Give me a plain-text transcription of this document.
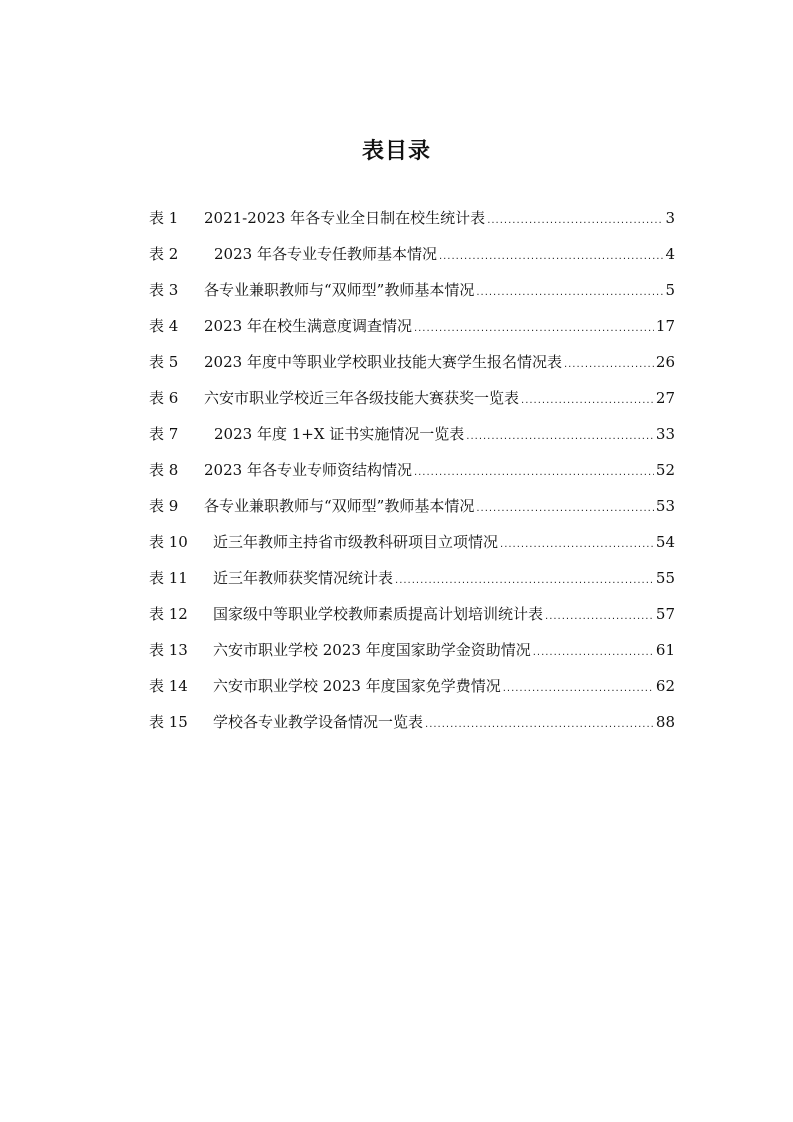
表目录
表 1	2021-2023 年各专业全日制在校生统计表 .....	3
表 2	2023 年各专业专任教师基本情况 .....	4
表 3	各专业兼职教师与“双师型”教师基本情况 .....	5
表 4	2023 年在校生满意度调查情况 .....	17
表 5	2023 年度中等职业学校职业技能大赛学生报名情况表 .....	26
表 6	六安市职业学校近三年各级技能大赛获奖一览表 .....	27
表 7	2023 年度 1+X 证书实施情况一览表 .....	33
表 8	2023 年各专业专师资结构情况 .....	52
表 9	各专业兼职教师与“双师型”教师基本情况 .....	53
表 10	近三年教师主持省市级教科研项目立项情况 .....	54
表 11	近三年教师获奖情况统计表 .....	55
表 12	国家级中等职业学校教师素质提高计划培训统计表 .....	57
表 13	六安市职业学校 2023 年度国家助学金资助情况 .....	61
表 14	六安市职业学校 2023 年度国家免学费情况 .....	62
表 15	学校各专业教学设备情况一览表 .....	88
